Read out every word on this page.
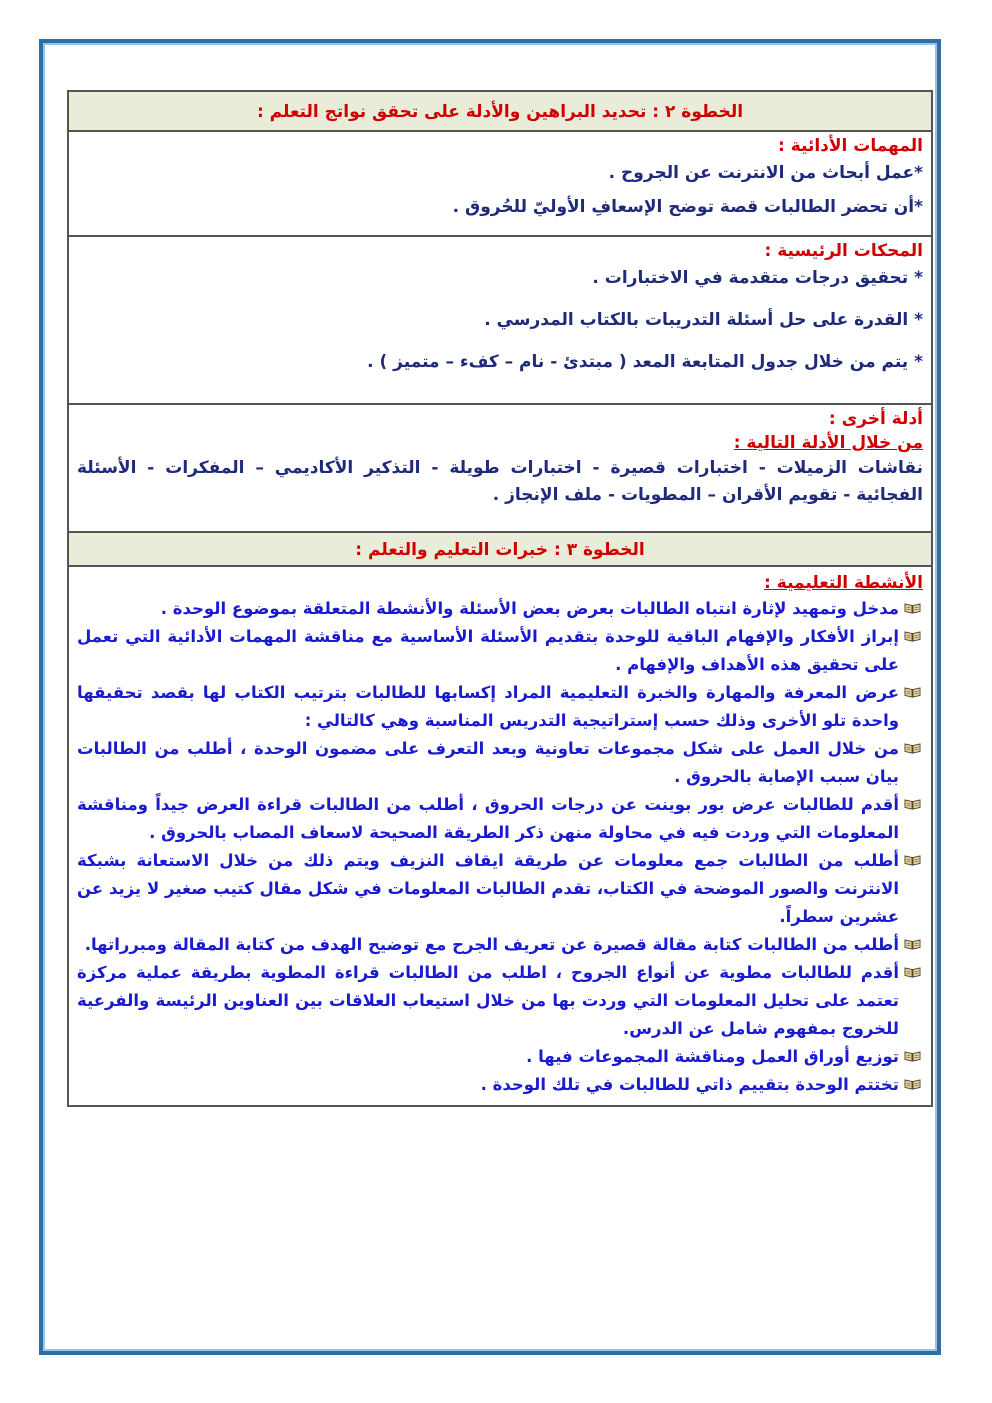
الخطوة ٢ : تحديد البراهين والأدلة على تحقق نواتج التعلم :
المهمات الأدائية :
*عمل أبحاث من الانترنت عن الجروح .
*أن تحضر الطالبات قصة توضح الإسعافِ الأوليّ للحُروق .
المحكات الرئيسية :
* تحقيق درجات متقدمة في الاختبارات .
* القدرة على حل أسئلة التدريبات بالكتاب المدرسي .
* يتم من خلال جدول المتابعة المعد ( مبتدئ - نام – كفء – متميز ) .
أدلة أخرى :
من خلال الأدلة التالية :
نقاشات الزميلات - اختبارات قصيرة - اختبارات طويلة - التذكير الأكاديمي – المفكرات - الأسئلة الفجائية - تقويم الأقران – المطويات - ملف الإنجاز .
الخطوة ٣ : خبرات التعليم والتعلم :
الأنشطة التعليمية :
مدخل وتمهيد لإثارة انتباه الطالبات بعرض بعض الأسئلة والأنشطة المتعلقة بموضوع الوحدة .
إبراز الأفكار والإفهام الباقية للوحدة بتقديم الأسئلة الأساسية مع مناقشة المهمات الأدائية التي تعمل على تحقيق هذه الأهداف والإفهام .
عرض المعرفة والمهارة والخبرة التعليمية المراد إكسابها للطالبات بترتيب الكتاب لها بقصد تحقيقها واحدة تلو الأخرى وذلك حسب إستراتيجية التدريس المناسبة وهي كالتالي :
من خلال العمل على شكل مجموعات تعاونية وبعد التعرف على مضمون الوحدة ، أطلب من الطالبات بيان سبب الإصابة بالحروق .
أقدم للطالبات عرض بور بوينت عن درجات الحروق ، أطلب من الطالبات قراءة العرض جيداً ومناقشة المعلومات التي وردت فيه في محاولة منهن ذكر الطريقة الصحيحة لاسعاف المصاب بالحروق .
أطلب من الطالبات جمع معلومات عن طريقة ايقاف النزيف ويتم ذلك من خلال الاستعانة بشبكة الانترنت والصور الموضحة في الكتاب، تقدم الطالبات المعلومات في شكل مقال كتيب صغير لا يزيد عن عشرين سطراً.
أطلب من الطالبات كتابة مقالة قصيرة عن تعريف الجرح مع توضيح الهدف من كتابة المقالة ومبرراتها.
أقدم للطالبات مطوية عن أنواع الجروح ، اطلب من الطالبات قراءة المطوية بطريقة عملية مركزة تعتمد على تحليل المعلومات التي وردت بها من خلال استيعاب العلاقات بين العناوين الرئيسة والفرعية للخروج بمفهوم شامل عن الدرس.
توزيع أوراق العمل ومناقشة المجموعات فيها .
تختتم الوحدة بتقييم ذاتي للطالبات في تلك الوحدة .
